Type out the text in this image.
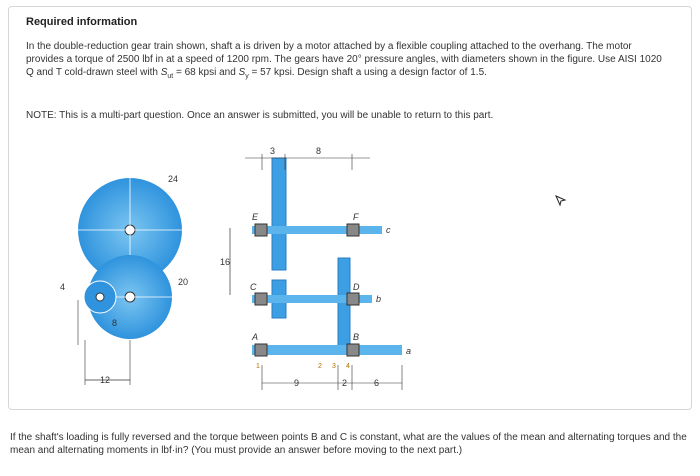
Required information
In the double-reduction gear train shown, shaft a is driven by a motor attached by a flexible coupling attached to the overhang. The motor provides a torque of 2500 lbf in at a speed of 1200 rpm. The gears have 20° pressure angles, with diameters shown in the figure. Use AISI 1020 Q and T cold-drawn steel with $S_{ut} = 68$ kpsi and $S_y = 57$ kpsi. Design shaft a using a design factor of 1.5.
NOTE: This is a multi-part question. Once an answer is submitted, you will be unable to return to this part.
24
20
4
8
12
16
E	F
C	D
A	B
c
b
a
3	8
9	2	6
1	2 3 4
If the shaft's loading is fully reversed and the torque between points B and C is constant, what are the values of the mean and alternating torques and the mean and alternating moments in lbf·in? (You must provide an answer before moving to the next part.)
